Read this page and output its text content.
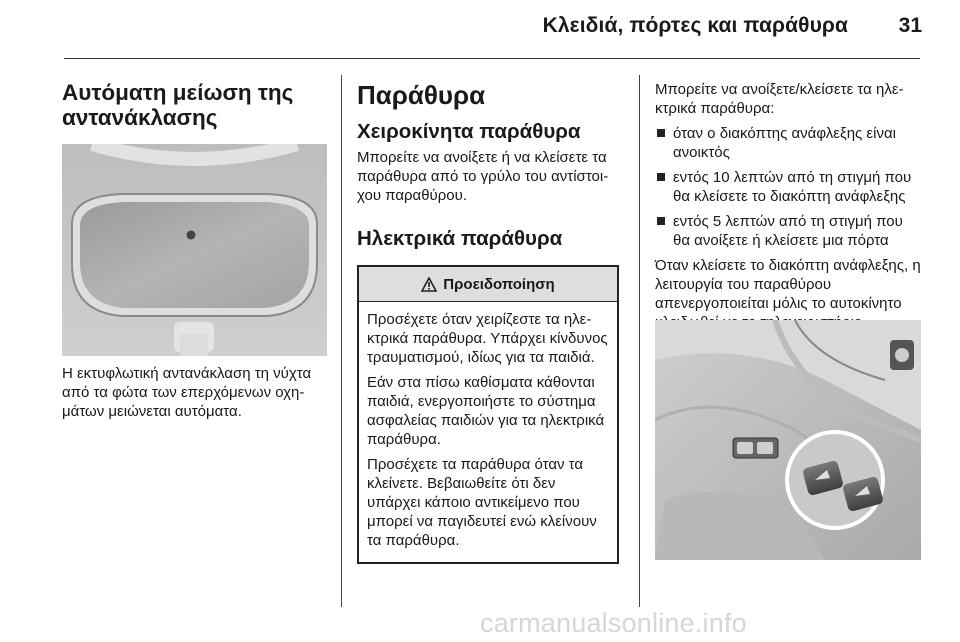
Κλειδιά, πόρτες και παράθυρα 31
Αυτόματη μείωση της αντανάκλασης

Η εκτυφλωτική αντανάκλαση τη νύχτα από τα φώτα των επερχόμενων οχημάτων μειώνεται αυτόματα.

Παράθυρα
Χειροκίνητα παράθυρα

Μπορείτε να ανοίξετε ή να κλείσετε τα παράθυρα από το γρύλο του αντίστοιχου παραθύρου.

Ηλεκτρικά παράθυρα
Προειδοποίηση

Προσέχετε όταν χειρίζεστε τα ηλεκτρικά παράθυρα. Υπάρχει κίνδυνος τραυματισμού, ιδίως για τα παιδιά.

Εάν στα πίσω καθίσματα κάθονται παιδιά, ενεργοποιήστε το σύστημα ασφαλείας παιδιών για τα ηλεκτρικά παράθυρα.

Προσέχετε τα παράθυρα όταν τα κλείνετε. Βεβαιωθείτε ότι δεν υπάρχει κάποιο αντικείμενο που μπορεί να παγιδευτεί ενώ κλείνουν τα παράθυρα.

Μπορείτε να ανοίξετε/κλείσετε τα ηλεκτρικά παράθυρα:

όταν ο διακόπτης ανάφλεξης είναι ανοικτός
εντός 10 λεπτών από τη στιγμή που θα κλείσετε το διακόπτη ανάφλεξης
εντός 5 λεπτών από τη στιγμή που θα ανοίξετε ή κλείσετε μια πόρτα

Όταν κλείσετε το διακόπτη ανάφλεξης, η λειτουργία του παραθύρου απενεργοποιείται μόλις το αυτοκίνητο

carmanualsonline.info
